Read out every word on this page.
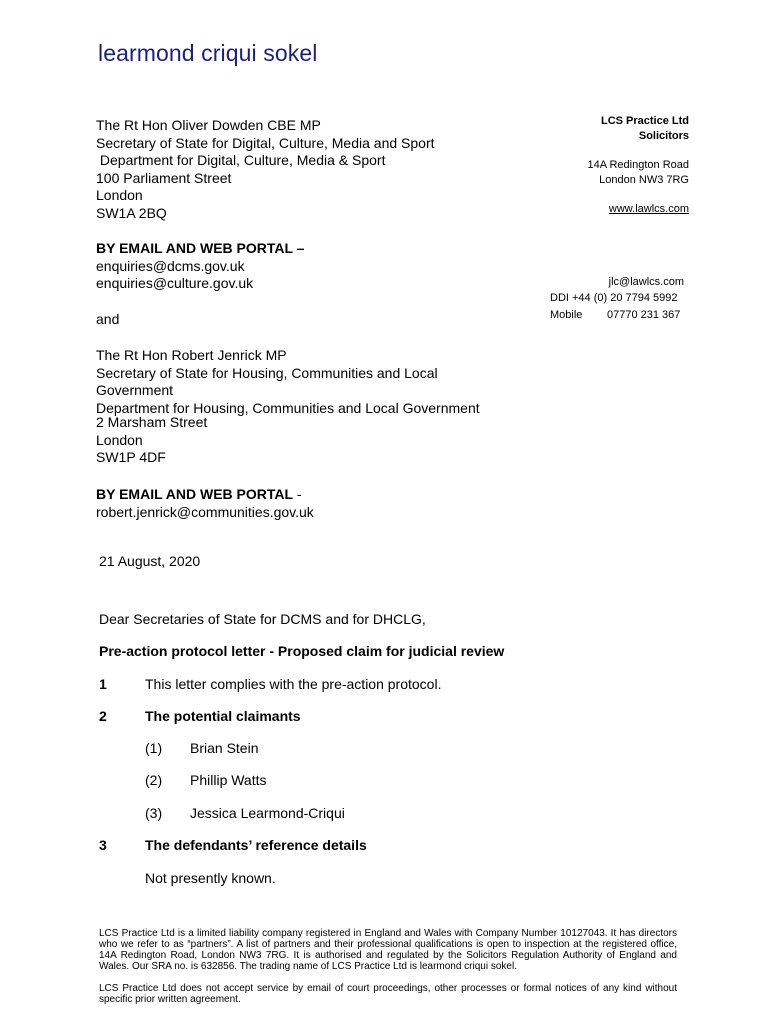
learmond criqui sokel
LCS Practice Ltd
Solicitors
14A Redington Road
London NW3 7RG
www.lawlcs.com
jlc@lawlcs.com
DDI +44 (0) 20 7794 5992
Mobile 07770 231 367
The Rt Hon Oliver Dowden CBE MP
Secretary of State for Digital, Culture, Media and Sport
Department for Digital, Culture, Media & Sport
100 Parliament Street
London
SW1A 2BQ
BY EMAIL AND WEB PORTAL –
enquiries@dcms.gov.uk
enquiries@culture.gov.uk
and
The Rt Hon Robert Jenrick MP
Secretary of State for Housing, Communities and Local
Government
Department for Housing, Communities and Local Government
2 Marsham Street
London
SW1P 4DF
BY EMAIL AND WEB PORTAL -
robert.jenrick@communities.gov.uk
21 August, 2020
Dear Secretaries of State for DCMS and for DHCLG,
Pre-action protocol letter - Proposed claim for judicial review
1	This letter complies with the pre-action protocol.
2	The potential claimants
(1) Brian Stein
(2) Phillip Watts
(3) Jessica Learmond-Criqui
3	The defendants’ reference details
Not presently known.

LCS Practice Ltd is a limited liability company registered in England and Wales with Company Number 10127043. It has directors who we refer to as “partners”. A list of partners and their professional qualifications is open to inspection at the registered office, 14A Redington Road, London NW3 7RG. It is authorised and regulated by the Solicitors Regulation Authority of England and Wales. Our SRA no. is 632856. The trading name of LCS Practice Ltd is learmond criqui sokel.

LCS Practice Ltd does not accept service by email of court proceedings, other processes or formal notices of any kind without specific prior written agreement.
